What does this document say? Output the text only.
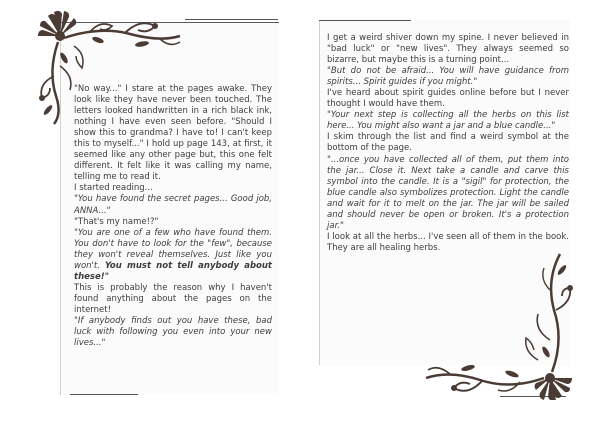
"No way..." I stare at the pages awake. They look like they have never been touched. The letters looked handwritten in a rich black ink, nothing I have even seen before. "Should I show this to grandma? I have to! I can't keep this to myself..." I hold up page 143, at first, it seemed like any other page but, this one felt different. It felt like it was calling my name, telling me to read it.

I started reading...

"You have found the secret pages... Good job, ANNA..."

"That's my name!?"

"You are one of a few who have found them. You don't have to look for the "few", because they won't reveal themselves. Just like you won't. You must not tell anybody about these!"

This is probably the reason why I haven't found anything about the pages on the internet!

"If anybody finds out you have these, bad luck with following you even into your new lives..."

I get a weird shiver down my spine. I never believed in "bad luck" or "new lives". They always seemed so bizarre, but maybe this is a turning point...

"But do not be afraid... You will have guidance from spirits... Spirit guides if you might."

I've heard about spirit guides online before but I never thought I would have them.

"Your next step is collecting all the herbs on this list here... You might also want a jar and a blue candle..."

I skim through the list and find a weird symbol at the bottom of the page.

"...once you have collected all of them, put them into the jar... Close it. Next take a candle and carve this symbol into the candle. It is a "sigil" for protection, the blue candle also symbolizes protection. Light the candle and wait for it to melt on the jar. The jar will be sailed and should never be open or broken. It's a protection jar."

I look at all the herbs... I've seen all of them in the book. They are all healing herbs.
